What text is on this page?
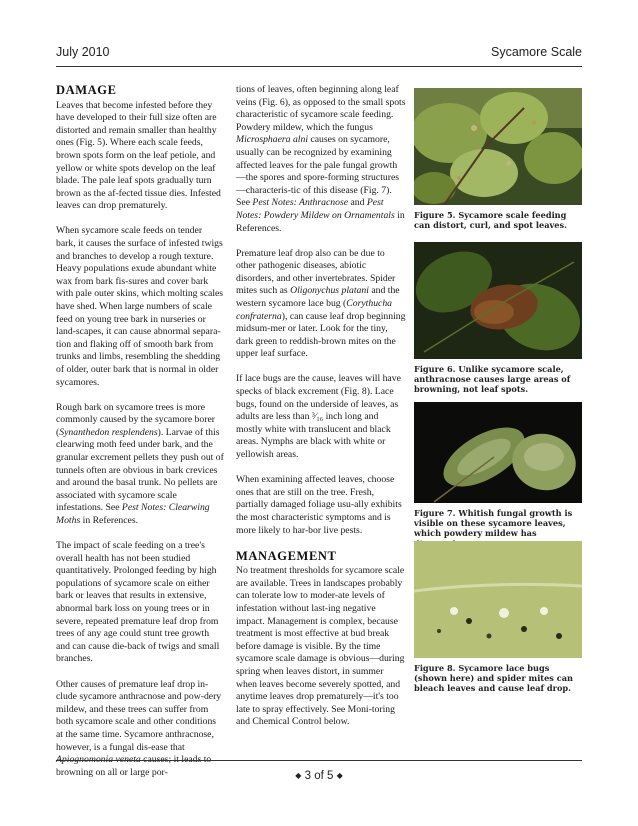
July 2010	Sycamore Scale
DAMAGE

Leaves that become infested before they have developed to their full size often are distorted and remain smaller than healthy ones (Fig. 5). Where each scale feeds, brown spots form on the leaf petiole, and yellow or white spots develop on the leaf blade. The pale leaf spots gradually turn brown as the af-fected tissue dies. Infested leaves can drop prematurely.

When sycamore scale feeds on tender bark, it causes the surface of infested twigs and branches to develop a rough texture. Heavy populations exude abundant white wax from bark fis-sures and cover bark with pale outer skins, which molting scales have shed. When large numbers of scale feed on young tree bark in nurseries or land-scapes, it can cause abnormal separa-tion and flaking off of smooth bark from trunks and limbs, resembling the shedding of older, outer bark that is normal in older sycamores.

Rough bark on sycamore trees is more commonly caused by the sycamore borer (Synanthedon resplendens). Larvae of this clearwing moth feed under bark, and the granular excrement pellets they push out of tunnels often are obvious in bark crevices and around the basal trunk. No pellets are associated with sycamore scale infestations. See Pest Notes: Clearwing Moths in References.

The impact of scale feeding on a tree's overall health has not been studied quantitatively. Prolonged feeding by high populations of sycamore scale on either bark or leaves that results in extensive, abnormal bark loss on young trees or in severe, repeated premature leaf drop from trees of any age could stunt tree growth and can cause die-back of twigs and small branches.

Other causes of premature leaf drop in-clude sycamore anthracnose and pow-dery mildew, and these trees can suffer from both sycamore scale and other conditions at the same time. Sycamore anthracnose, however, is a fungal dis-ease that Apiognomonia veneta causes; it leads to browning on all or large por-

tions of leaves, often beginning along leaf veins (Fig. 6), as opposed to the small spots characteristic of sycamore scale feeding. Powdery mildew, which the fungus Microsphaera alni causes on sycamore, usually can be recognized by examining affected leaves for the pale fungal growth—the spores and spore-forming structures—characteris-tic of this disease (Fig. 7). See Pest Notes: Anthracnose and Pest Notes: Powdery Mildew on Ornamentals in References.

Premature leaf drop also can be due to other pathogenic diseases, abiotic disorders, and other invertebrates. Spider mites such as Oligonychus platani and the western sycamore lace bug (Corythucha confraterna), can cause leaf drop beginning midsum-mer or later. Look for the tiny, dark green to reddish-brown mites on the upper leaf surface.

If lace bugs are the cause, leaves will have specks of black excrement (Fig. 8). Lace bugs, found on the underside of leaves, as adults are less than ³⁄₁₆ inch long and mostly white with translucent and black areas. Nymphs are black with white or yellowish areas.

When examining affected leaves, choose ones that are still on the tree. Fresh, partially damaged foliage usu-ally exhibits the most characteristic symptoms and is more likely to har-bor live pests.

MANAGEMENT

No treatment thresholds for sycamore scale are available. Trees in landscapes probably can tolerate low to moder-ate levels of infestation without last-ing negative impact. Management is complex, because treatment is most effective at bud break before damage is visible. By the time sycamore scale damage is obvious—during spring when leaves distort, in summer when leaves become severely spotted, and anytime leaves drop prematurely—it's too late to spray effectively. See Moni-toring and Chemical Control below.

Figure 5. Sycamore scale feeding can distort, curl, and spot leaves.
Figure 6. Unlike sycamore scale, anthracnose causes large areas of browning, not leaf spots.
Figure 7. Whitish fungal growth is visible on these sycamore leaves, which powdery mildew has
Figure 8. Sycamore lace bugs (shown here) and spider mites can bleach leaves and cause leaf drop.
◆ 3 of 5 ◆
